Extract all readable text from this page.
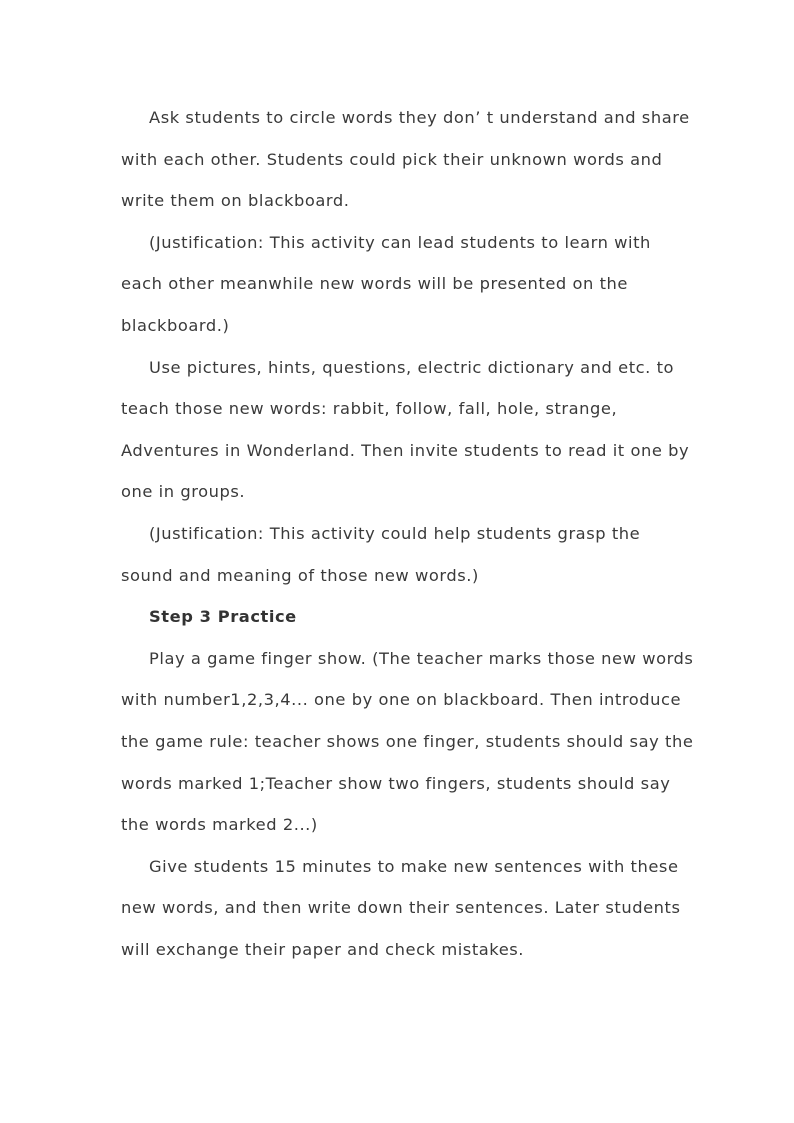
Ask students to circle words they don’ t understand and share
with each other. Students could pick their unknown words and
write them on blackboard.

(Justification: This activity can lead students to learn with
each other meanwhile new words will be presented on the
blackboard.)

Use pictures, hints, questions, electric dictionary and etc. to
teach those new words: rabbit, follow, fall, hole, strange,
Adventures in Wonderland. Then invite students to read it one by
one in groups.

(Justification: This activity could help students grasp the
sound and meaning of those new words.)

Step 3 Practice

Play a game finger show. (The teacher marks those new words
with number1,2,3,4... one by one on blackboard. Then introduce
the game rule: teacher shows one finger, students should say the
words marked 1;Teacher show two fingers, students should say
the words marked 2...)

Give students 15 minutes to make new sentences with these
new words, and then write down their sentences. Later students
will exchange their paper and check mistakes.
